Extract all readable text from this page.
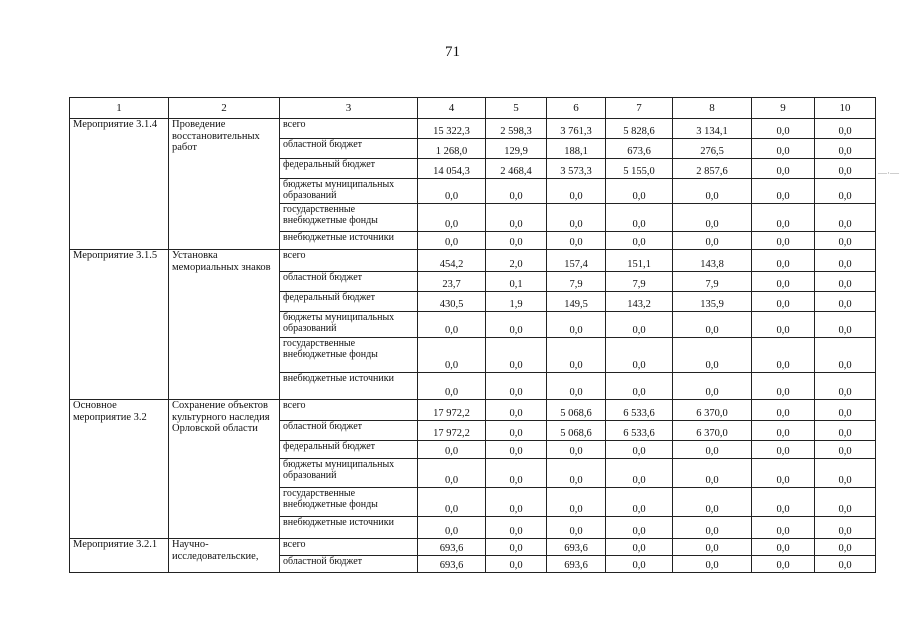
71
1	2	3	4	5	6	7	8	9	10
Мероприятие 3.1.4	Проведение восстановительных работ	всего	15 322,3	2 598,3	3 761,3	5 828,6	3 134,1	0,0	0,0
		областной бюджет	1 268,0	129,9	188,1	673,6	276,5	0,0	0,0
		федеральный бюджет	14 054,3	2 468,4	3 573,3	5 155,0	2 857,6	0,0	0,0
		бюджеты муниципальных образований	0,0	0,0	0,0	0,0	0,0	0,0	0,0
		государственные внебюджетные фонды	0,0	0,0	0,0	0,0	0,0	0,0	0,0
		внебюджетные источники	0,0	0,0	0,0	0,0	0,0	0,0	0,0
Мероприятие 3.1.5	Установка мемориальных знаков	всего	454,2	2,0	157,4	151,1	143,8	0,0	0,0
		областной бюджет	23,7	0,1	7,9	7,9	7,9	0,0	0,0
		федеральный бюджет	430,5	1,9	149,5	143,2	135,9	0,0	0,0
		бюджеты муниципальных образований	0,0	0,0	0,0	0,0	0,0	0,0	0,0
		государственные внебюджетные фонды	0,0	0,0	0,0	0,0	0,0	0,0	0,0
		внебюджетные источники	0,0	0,0	0,0	0,0	0,0	0,0	0,0
Основное мероприятие 3.2	Сохранение объектов культурного наследия Орловской области	всего	17 972,2	0,0	5 068,6	6 533,6	6 370,0	0,0	0,0
		областной бюджет	17 972,2	0,0	5 068,6	6 533,6	6 370,0	0,0	0,0
		федеральный бюджет	0,0	0,0	0,0	0,0	0,0	0,0	0,0
		бюджеты муниципальных образований	0,0	0,0	0,0	0,0	0,0	0,0	0,0
		государственные внебюджетные фонды	0,0	0,0	0,0	0,0	0,0	0,0	0,0
		внебюджетные источники	0,0	0,0	0,0	0,0	0,0	0,0	0,0
Мероприятие 3.2.1	Научно-исследовательские,	всего	693,6	0,0	693,6	0,0	0,0	0,0	0,0
		областной бюджет	693,6	0,0	693,6	0,0	0,0	0,0	0,0
—·—
